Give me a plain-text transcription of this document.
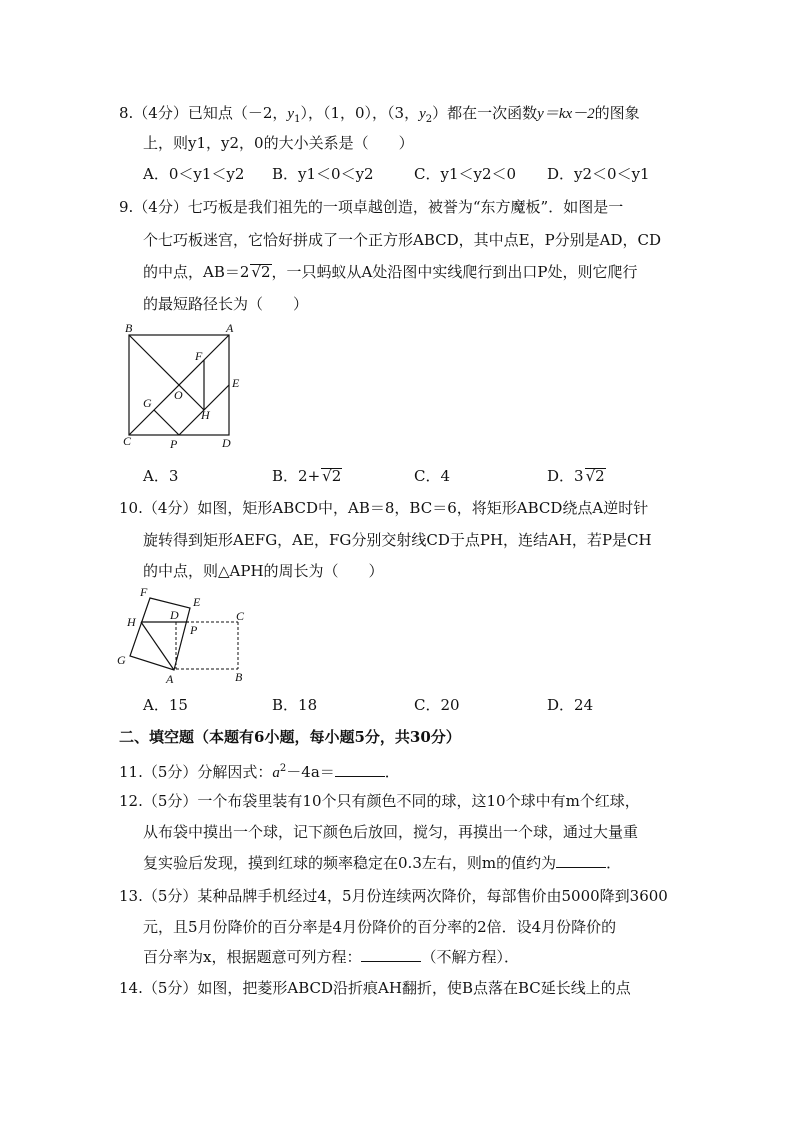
8.（4分）已知点（－2，$y_1$），（1，0），（3，$y_2$）都在一次函数y＝kx－2的图象
上，则y1，y2，0的大小关系是（　　）
A．0＜y1＜y2 B．y1＜0＜y2	C．y1＜y2＜0 D．y2＜0＜y1
9.（4分）七巧板是我们祖先的一项卓越创造，被誉为“东方魔板”．如图是一
个七巧板迷宫，它恰好拼成了一个正方形ABCD，其中点E，P分别是AD，CD
的中点，AB＝2 √2，一只蚂蚁从A处沿图中实线爬行到出口P处，则它爬行
的最短路径长为（　　）
B	A
F
E
O
G
H
C	P	D
A．3	B．2+ √2	C．4	D．3 √2
10.（4分）如图，矩形ABCD中，AB＝8，BC＝6，将矩形ABCD绕点A逆时针
旋转得到矩形AEFG，AE，FG分别交射线CD于点PH，连结AH，若P是CH
的中点，则△APH的周长为（　　）
F
E
D	C
H
P
G
A	B
A．15	B．18	C．20	D．24
二、填空题（本题有6小题，每小题5分，共30分）
11.（5分）分解因式：$a^2-4a=$	．
12.（5分）一个布袋里装有10个只有颜色不同的球，这10个球中有m个红球，
从布袋中摸出一个球，记下颜色后放回，搅匀，再摸出一个球，通过大量重
复实验后发现，摸到红球的频率稳定在0.3左右，则m的值约为	．
13.（5分）某种品牌手机经过4，5月份连续两次降价，每部售价由5000降到3600
元，且5月份降价的百分率是4月份降价的百分率的2倍．设4月份降价的
百分率为x，根据题意可列方程：	（不解方程）．
14.（5分）如图，把菱形ABCD沿折痕AH翻折，使B点落在BC延长线上的点
